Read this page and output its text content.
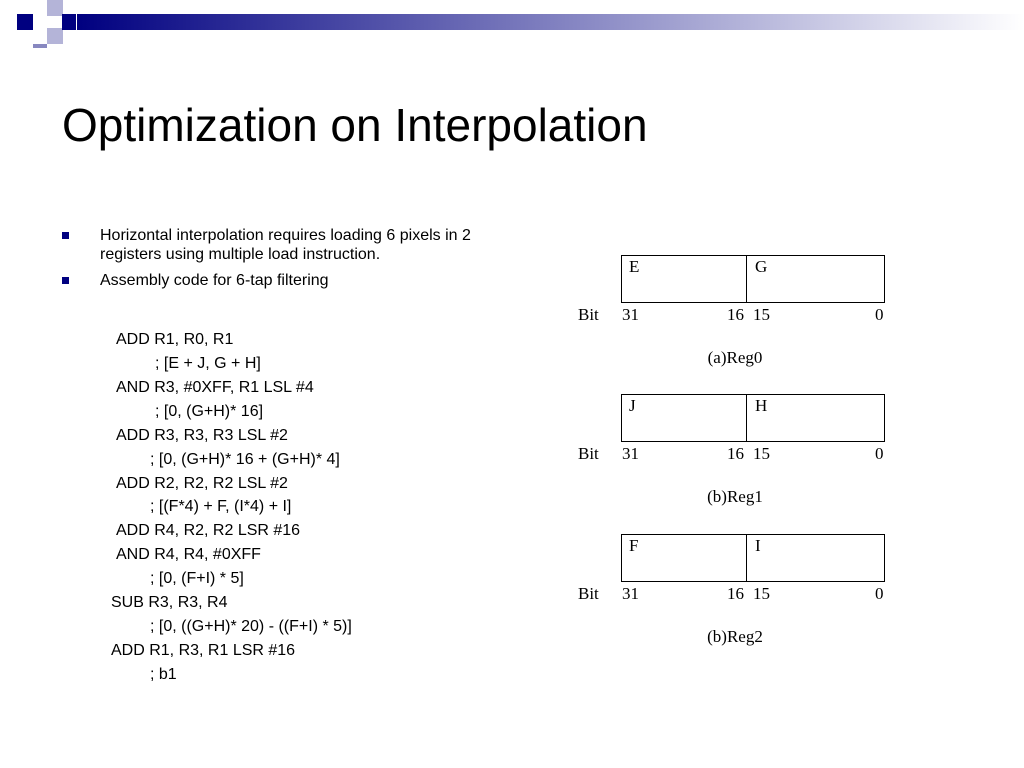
Optimization on Interpolation
Horizontal interpolation requires loading 6 pixels in 2 registers using multiple load instruction.
Assembly code for 6-tap filtering
ADD R1, R0, R1
; [E + J, G + H]
AND R3, #0XFF, R1 LSL #4
; [0, (G+H)* 16]
ADD R3, R3, R3 LSL #2
; [0, (G+H)* 16 + (G+H)* 4]
ADD R2, R2, R2 LSL #2
; [(F*4) + F, (I*4) + I]
ADD R4, R2, R2 LSR #16
AND R4, R4, #0XFF
; [0, (F+I) * 5]
SUB R3, R3, R4
; [0, ((G+H)* 20) - ((F+I) * 5)]
ADD R1, R3, R1 LSR #16
; b1
E	G
Bit 31	16 15	0
(a)Reg0
J	H
Bit 31	16 15	0
(b)Reg1
F	I
Bit 31	16 15	0
(b)Reg2
